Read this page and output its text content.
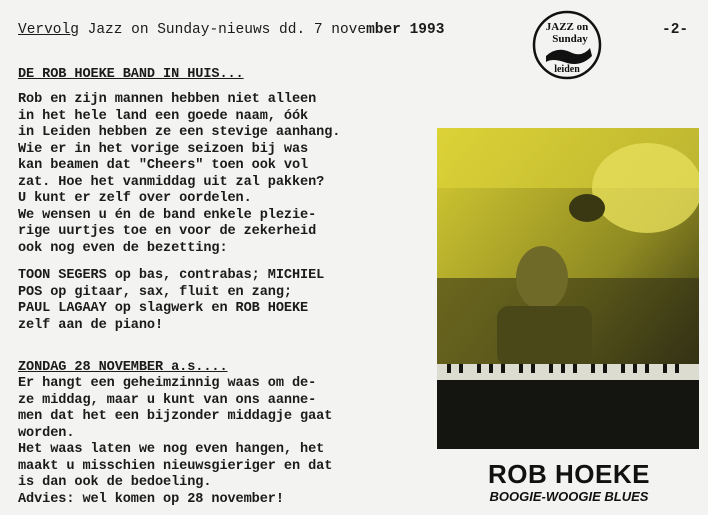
Vervolg Jazz on Sunday-nieuws dd. 7 november 1993	JAZZ on
Sunday
leiden
-2-
DE ROB HOEKE BAND IN HUIS...
Rob en zijn mannen hebben niet alleen
in het hele land een goede naam, óók
in Leiden hebben ze een stevige aanhang.
Wie er in het vorige seizoen bij was
kan beamen dat "Cheers" toen ook vol
zat. Hoe het vanmiddag uit zal pakken?
U kunt er zelf over oordelen.
We wensen u én de band enkele plezie-
rige uurtjes toe en voor de zekerheid
ook nog even de bezetting:
TOON SEGERS op bas, contrabas; MICHIEL
POS op gitaar, sax, fluit en zang;
PAUL LAGAAY op slagwerk en ROB HOEKE
zelf aan de piano!
ZONDAG 28 NOVEMBER a.s....
Er hangt een geheimzinnig waas om de-
ze middag, maar u kunt van ons aanne-
men dat het een bijzonder middagje gaat
worden.
Het waas laten we nog even hangen, het
maakt u misschien nieuwsgieriger en dat
is dan ook de bedoeling.
Advies: wel komen op 28 november!
ROB HOEKE
BOOGIE-WOOGIE BLUES
